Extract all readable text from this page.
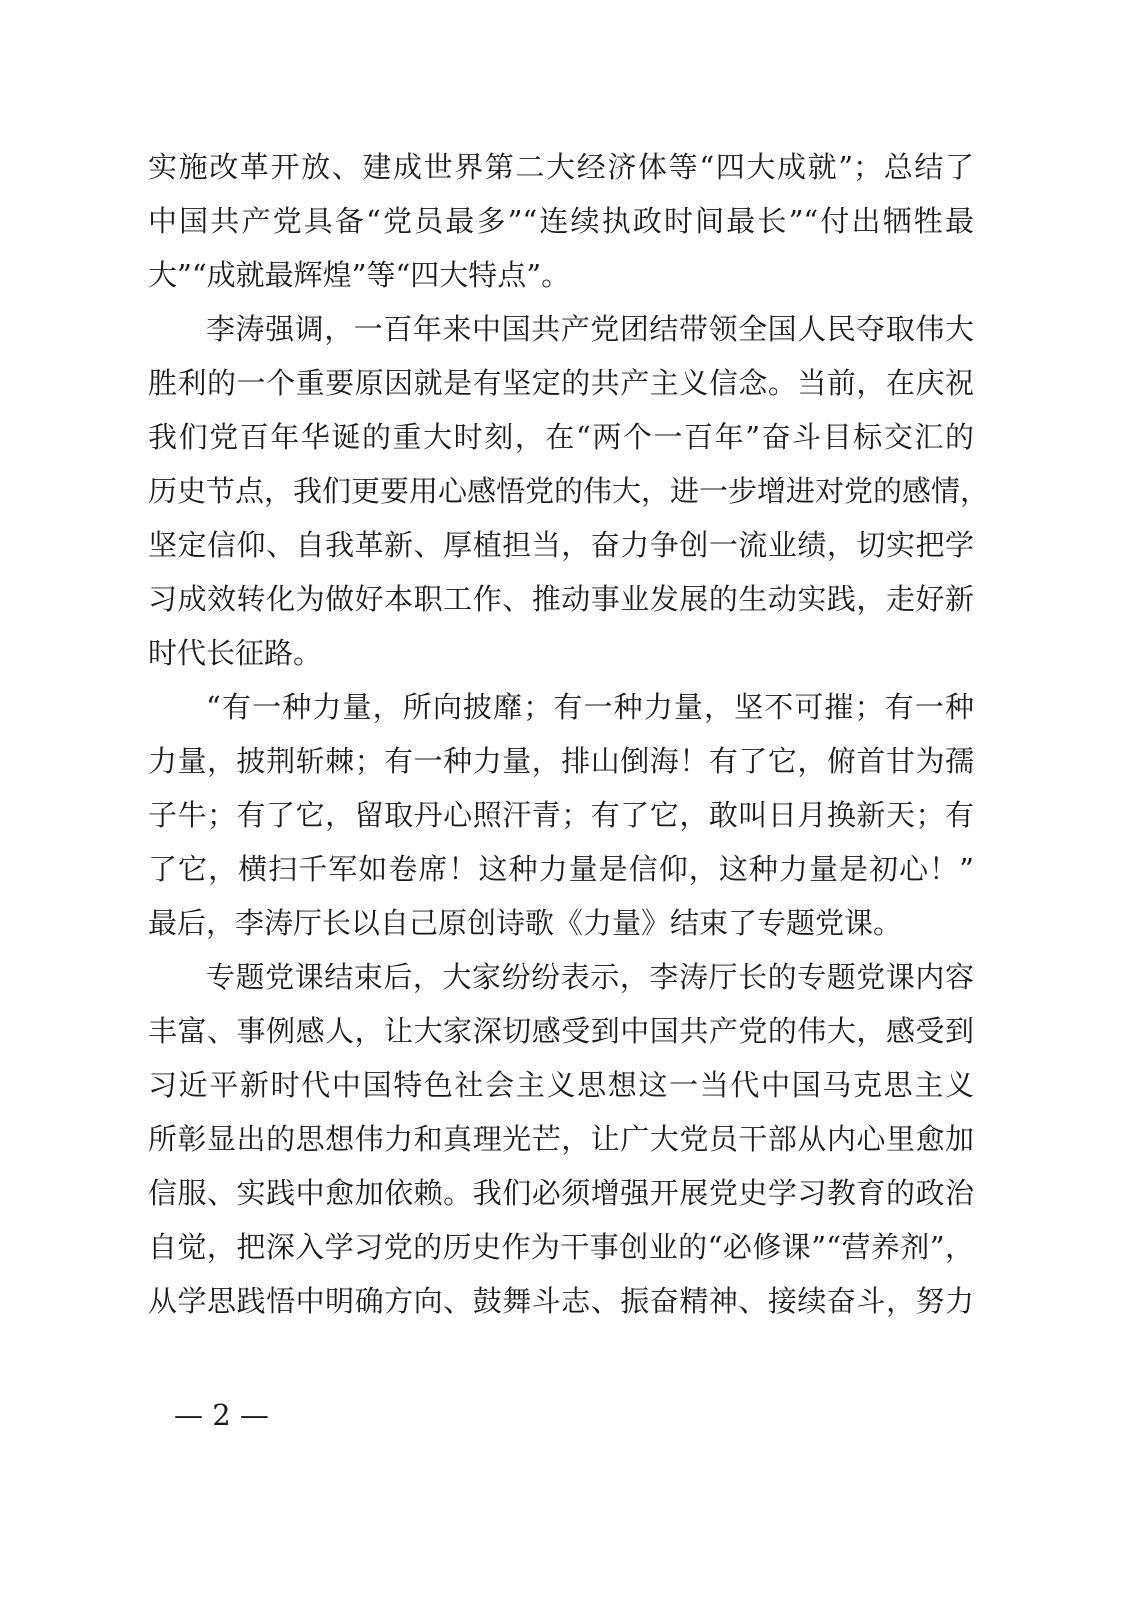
实施改革开放、建成世界第二大经济体等“四大成就”；总结了
中国共产党具备“党员最多”“连续执政时间最长”“付出牺牲最
大”“成就最辉煌”等“四大特点”。
李涛强调，一百年来中国共产党团结带领全国人民夺取伟大
胜利的一个重要原因就是有坚定的共产主义信念。当前，在庆祝
我们党百年华诞的重大时刻，在“两个一百年”奋斗目标交汇的
历史节点，我们更要用心感悟党的伟大，进一步增进对党的感情，
坚定信仰、自我革新、厚植担当，奋力争创一流业绩，切实把学
习成效转化为做好本职工作、推动事业发展的生动实践，走好新
时代长征路。
“有一种力量，所向披靡；有一种力量，坚不可摧；有一种
力量，披荆斩棘；有一种力量，排山倒海！有了它，俯首甘为孺
子牛；有了它，留取丹心照汗青；有了它，敢叫日月换新天；有
了它，横扫千军如卷席！这种力量是信仰，这种力量是初心！”
最后，李涛厅长以自己原创诗歌《力量》结束了专题党课。
专题党课结束后，大家纷纷表示，李涛厅长的专题党课内容
丰富、事例感人，让大家深切感受到中国共产党的伟大，感受到
习近平新时代中国特色社会主义思想这一当代中国马克思主义
所彰显出的思想伟力和真理光芒，让广大党员干部从内心里愈加
信服、实践中愈加依赖。我们必须增强开展党史学习教育的政治
自觉，把深入学习党的历史作为干事创业的“必修课”“营养剂”，
从学思践悟中明确方向、鼓舞斗志、振奋精神、接续奋斗，努力
— 2 —
